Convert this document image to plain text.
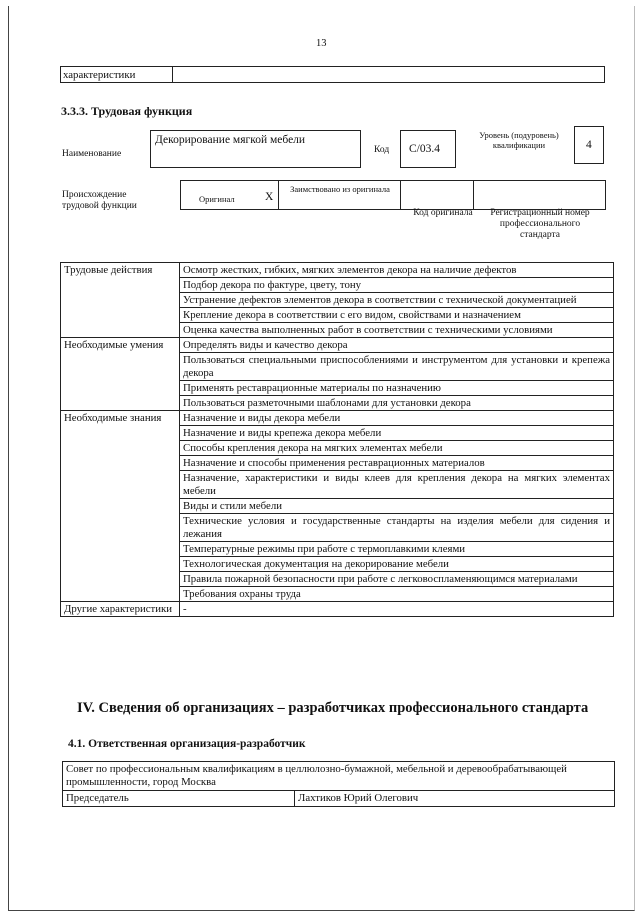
13
характеристики
3.3.3. Трудовая функция
Наименование
Декорирование мягкой мебели
Код С/03.4
Уровень (подуровень) квалификации	4
Происхождение трудовой функции
Оригинал	X
Заимствовано из оригинала
Код оригинала	Регистрационный номер профессионального стандарта
Трудовые действия	Осмотр жестких, гибких, мягких элементов декора на наличие дефектов
	Подбор декора по фактуре, цвету, тону
	Устранение дефектов элементов декора в соответствии с технической документацией
	Крепление декора в соответствии с его видом, свойствами и назначением
	Оценка качества выполненных работ в соответствии с техническими условиями
Необходимые умения	Определять виды и качество декора
	Пользоваться специальными приспособлениями и инструментом для установки и крепежа декора
	Применять реставрационные материалы по назначению
	Пользоваться разметочными шаблонами для установки декора
Необходимые знания	Назначение и виды декора мебели
	Назначение и виды крепежа декора мебели
	Способы крепления декора на мягких элементах мебели
	Назначение и способы применения реставрационных материалов
	Назначение, характеристики и виды клеев для крепления декора на мягких элементах мебели
	Виды и стили мебели
	Технические условия и государственные стандарты на изделия мебели для сидения и лежания
	Температурные режимы при работе с термоплавкими клеями
	Технологическая документация на декорирование мебели
	Правила пожарной безопасности при работе с легковоспламеняющимся материалами
	Требования охраны труда
Другие характеристики	-
IV. Сведения об организациях – разработчиках профессионального стандарта
4.1. Ответственная организация-разработчик
Совет по профессиональным квалификациям в целлюлозно-бумажной, мебельной и деревообрабатывающей промышленности, город Москва
Председатель	Лахтиков Юрий Олегович
